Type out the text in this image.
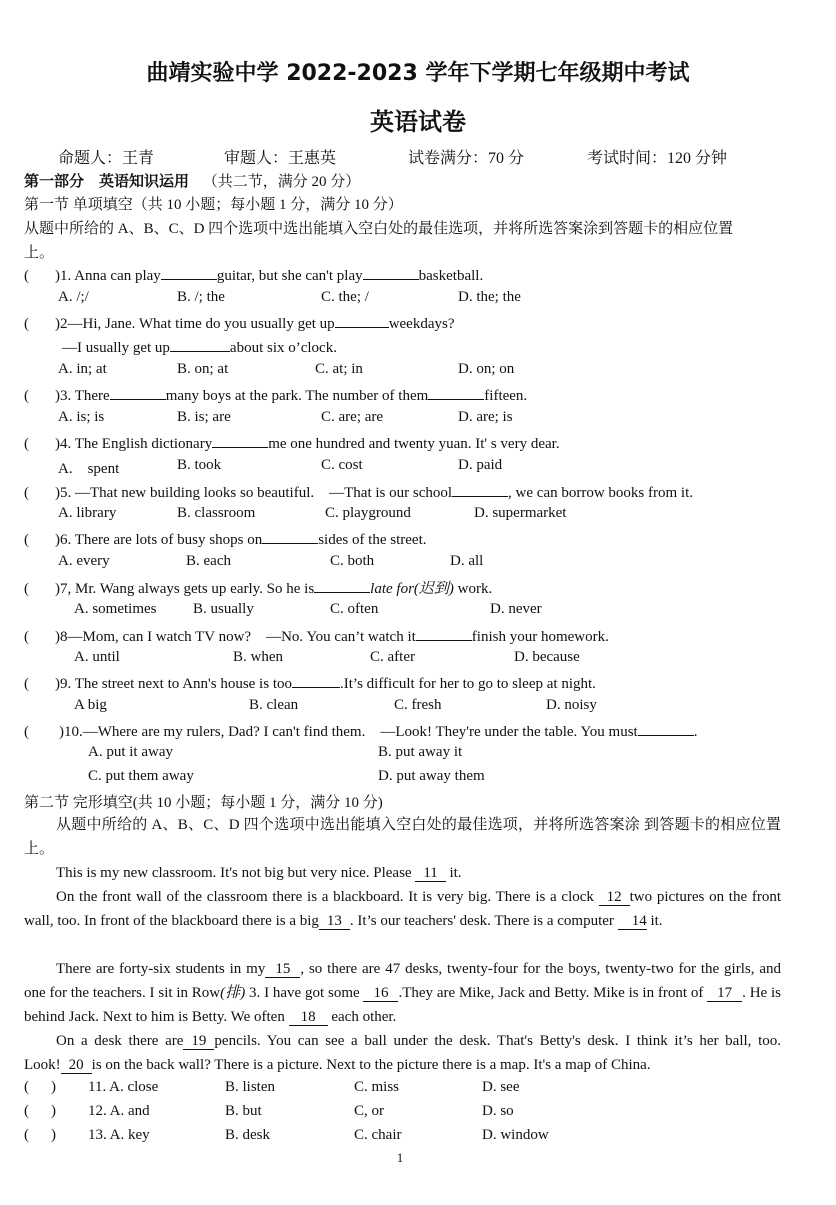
曲靖实验中学 2022-2023 学年下学期七年级期中考试
英语试卷
命题人：王青	审题人：王惠英	试卷满分：70 分	考试时间：120 分钟
第一部分　英语知识运用 （共二节，满分 20 分）
第一节 单项填空（共 10 小题；每小题 1 分，满分 10 分）
从题中所给的 A、B、C、D 四个选项中选出能填入空白处的最佳选项，并将所选答案涂到答题卡的相应位置
上。
( )1. Anna can play	guitar, but she can't play	basketball.
A. /;/	B. /; the	C. the; /	D. the; the
( )2—Hi, Jane. What time do you usually get up	weekdays?
—I usually get up	about six o’clock.
A. in; at	B. on; at	C. at; in	D. on; on
( )3. There	many boys at the park. The number of them	fifteen.
A. is; is	B. is; are	C. are; are	D. are; is
( )4. The English dictionary	me one hundred and twenty yuan. It' s very dear.
A.　spent	B. took	C. cost	D. paid
( )5. —That new building looks so beautiful.　—That is our school	, we can borrow books from it.
A. library	B. classroom	C. playground	D. supermarket
( )6. There are lots of busy shops on	sides of the street.
A. every	B. each	C. both	D. all
( )7, Mr. Wang always gets up early. So he is	late for(迟到) work.
A. sometimes B. usually	C. often	D. never
( )8—Mom, can I watch TV now?　—No. You can’t watch it	finish your homework.
A. until	B. when	C. after	D. because
( )9. The street next to Ann's house is too	.It’s difficult for her to go to sleep at night.
A big	B. clean	C. fresh	D. noisy
( )10.—Where are my rulers, Dad? I can't find them.　—Look! They're under the table. You must	.
A. put it away	B. put away it
C. put them away	D. put away them
第二节 完形填空(共 10 小题；每小题 1 分，满分 10 分)
从题中所给的 A、B、C、D 四个选项中选出能填入空白处的最佳选项，并将所选答案涂 到答题卡的相应位置上。
This is my new classroom. It's not big but very nice. Please 11 it.
On the front wall of the classroom there is a blackboard. It is very big. There is a clock 12 two pictures on the front wall, too. In front of the blackboard there is a big 13 . It’s our teachers' desk. There is a computer 14 it.
There are forty-six students in my 15 , so there are 47 desks, twenty-four for the boys, twenty-two for the girls, and one for the teachers. I sit in Row(排) 3. I have got some 16 .They are Mike, Jack and Betty. Mike is in front of 17 . He is behind Jack. Next to him is Betty. We often 18 each other.
On a desk there are 19 pencils. You can see a ball under the desk. That's Betty's desk. I think it’s her ball, too. Look! 20 is on the back wall? There is a picture. Next to the picture there is a map. It's a map of China.
( ) 11. A. close	B. listen	C. miss	D. see
( ) 12. A. and	B. but	C, or	D. so
( ) 13. A. key	B. desk	C. chair	D. window
1
